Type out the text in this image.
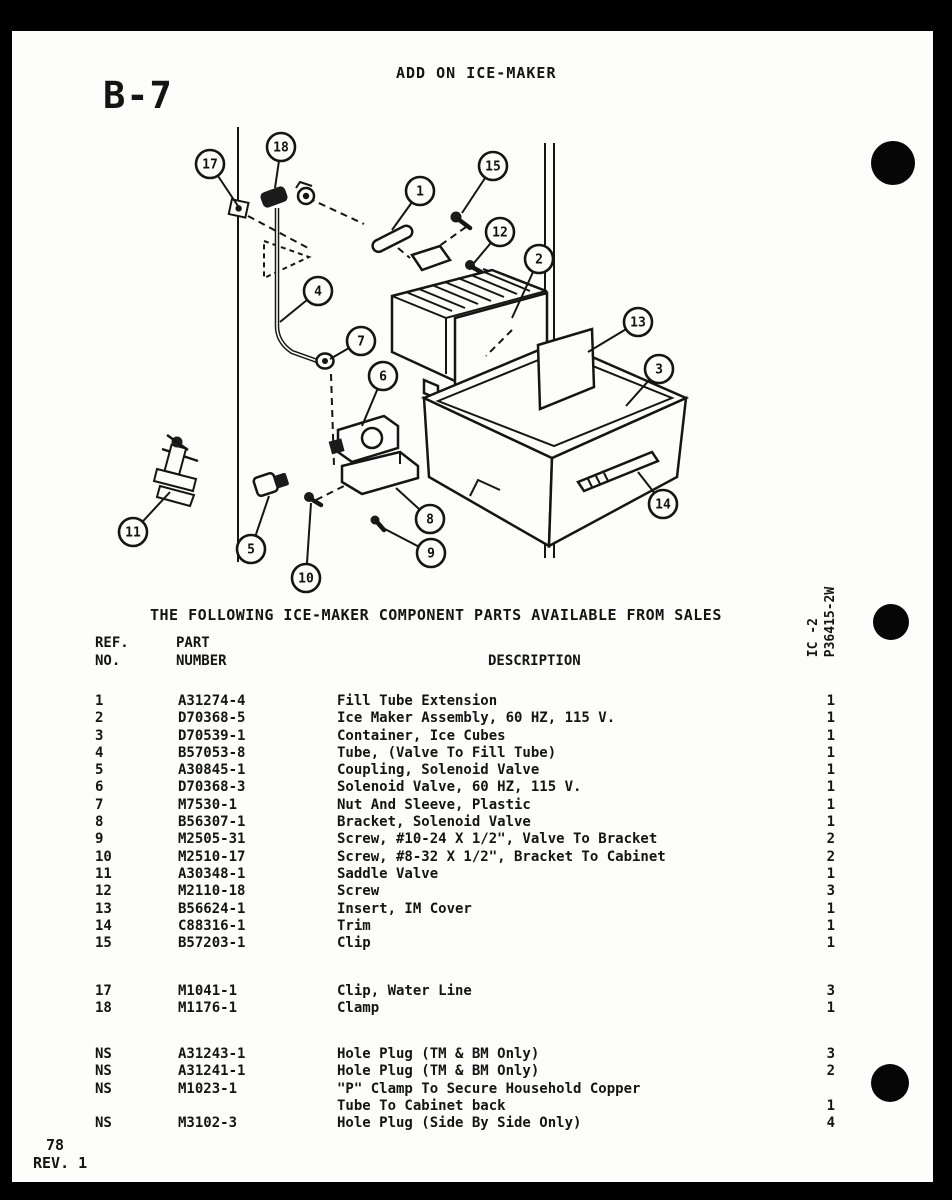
B-7
ADD ON ICE-MAKER
1
2
3
4
5
6
7
8
9
10
11
12
13
14
15
17
18
THE FOLLOWING ICE-MAKER COMPONENT PARTS AVAILABLE FROM SALES
REF.
NO.
PART
NUMBER	DESCRIPTION
1	A31274-4	Fill Tube Extension	1
2	D70368-5	Ice Maker Assembly, 60 HZ, 115 V.	1
3	D70539-1	Container, Ice Cubes	1
4	B57053-8	Tube, (Valve To Fill Tube)	1
5	A30845-1	Coupling, Solenoid Valve	1
6	D70368-3	Solenoid Valve, 60 HZ, 115 V.	1
7	M7530-1	Nut And Sleeve, Plastic	1
8	B56307-1	Bracket, Solenoid Valve	1
9	M2505-31	Screw, #10-24 X 1/2", Valve To Bracket	2
10	M2510-17	Screw, #8-32 X 1/2", Bracket To Cabinet	2
11	A30348-1	Saddle Valve	1
12	M2110-18	Screw	3
13	B56624-1	Insert, IM Cover	1
14	C88316-1	Trim	1
15	B57203-1	Clip	1
17	M1041-1	Clip, Water Line	3
18	M1176-1	Clamp	1
NS	A31243-1	Hole Plug (TM & BM Only)	3
NS	A31241-1	Hole Plug (TM & BM Only)	2
NS	M1023-1	"P" Clamp To Secure Household Copper
Tube To Cabinet back	1
NS	M3102-3	Hole Plug (Side By Side Only)	4
IC -2 P36415-2W
78
REV. 1
